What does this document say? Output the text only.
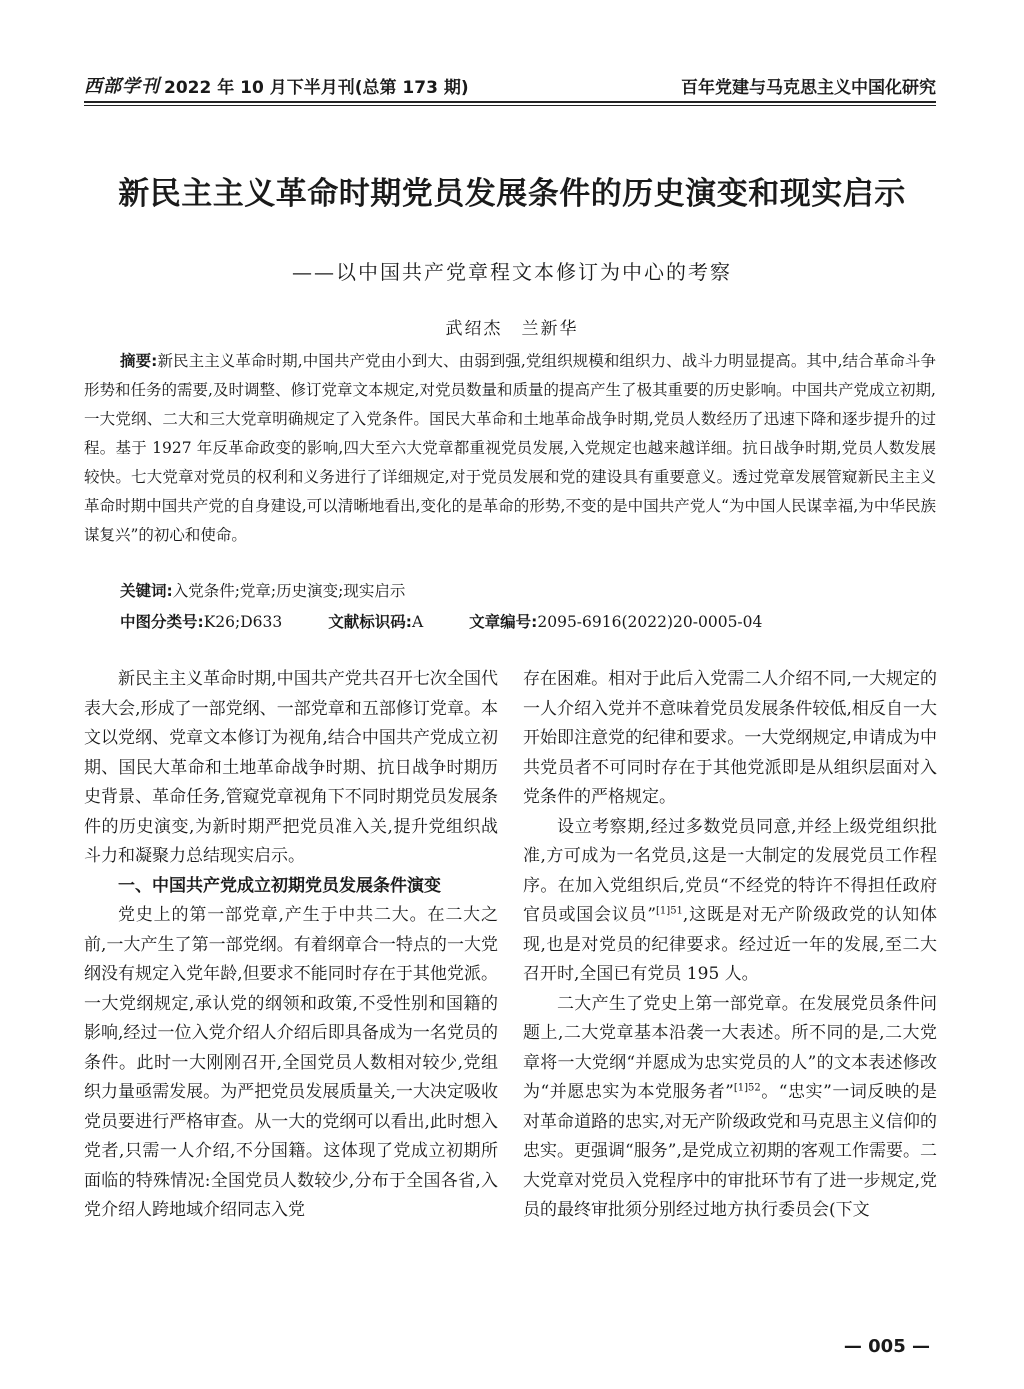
西部学刊 2022 年 10 月下半月刊(总第 173 期)	百年党建与马克思主义中国化研究
新民主主义革命时期党员发展条件的历史演变和现实启示
——以中国共产党章程文本修订为中心的考察
武绍杰　兰新华
摘要:新民主主义革命时期,中国共产党由小到大、由弱到强,党组织规模和组织力、战斗力明显提高。其中,结合革命斗争形势和任务的需要,及时调整、修订党章文本规定,对党员数量和质量的提高产生了极其重要的历史影响。中国共产党成立初期,一大党纲、二大和三大党章明确规定了入党条件。国民大革命和土地革命战争时期,党员人数经历了迅速下降和逐步提升的过程。基于 1927 年反革命政变的影响,四大至六大党章都重视党员发展,入党规定也越来越详细。抗日战争时期,党员人数发展较快。七大党章对党员的权利和义务进行了详细规定,对于党员发展和党的建设具有重要意义。透过党章发展管窥新民主主义革命时期中国共产党的自身建设,可以清晰地看出,变化的是革命的形势,不变的是中国共产党人“为中国人民谋幸福,为中华民族谋复兴”的初心和使命。
关键词:入党条件;党章;历史演变;现实启示
中图分类号:K26;D633	文献标识码:A	文章编号:2095-6916(2022)20-0005-04

新民主主义革命时期,中国共产党共召开七次全国代表大会,形成了一部党纲、一部党章和五部修订党章。本文以党纲、党章文本修订为视角,结合中国共产党成立初期、国民大革命和土地革命战争时期、抗日战争时期历史背景、革命任务,管窥党章视角下不同时期党员发展条件的历史演变,为新时期严把党员准入关,提升党组织战斗力和凝聚力总结现实启示。

一、中国共产党成立初期党员发展条件演变

党史上的第一部党章,产生于中共二大。在二大之前,一大产生了第一部党纲。有着纲章合一特点的一大党纲没有规定入党年龄,但要求不能同时存在于其他党派。一大党纲规定,承认党的纲领和政策,不受性别和国籍的影响,经过一位入党介绍人介绍后即具备成为一名党员的条件。此时一大刚刚召开,全国党员人数相对较少,党组织力量亟需发展。为严把党员发展质量关,一大决定吸收党员要进行严格审查。从一大的党纲可以看出,此时想入党者,只需一人介绍,不分国籍。这体现了党成立初期所面临的特殊情况:全国党员人数较少,分布于全国各省,入党介绍人跨地域介绍同志入党

存在困难。相对于此后入党需二人介绍不同,一大规定的一人介绍入党并不意味着党员发展条件较低,相反自一大开始即注意党的纪律和要求。一大党纲规定,申请成为中共党员者不可同时存在于其他党派即是从组织层面对入党条件的严格规定。

设立考察期,经过多数党员同意,并经上级党组织批准,方可成为一名党员,这是一大制定的发展党员工作程序。在加入党组织后,党员“不经党的特许不得担任政府官员或国会议员”$^{[1]51}$,这既是对无产阶级政党的认知体现,也是对党员的纪律要求。经过近一年的发展,至二大召开时,全国已有党员 195 人。

二大产生了党史上第一部党章。在发展党员条件问题上,二大党章基本沿袭一大表述。所不同的是,二大党章将一大党纲“并愿成为忠实党员的人”的文本表述修改为“并愿忠实为本党服务者”$^{[1]52}$。“忠实”一词反映的是对革命道路的忠实,对无产阶级政党和马克思主义信仰的忠实。更强调“服务”,是党成立初期的客观工作需要。二大党章对党员入党程序中的审批环节有了进一步规定,党员的最终审批须分别经过地方执行委员会(下文

— 005 —
